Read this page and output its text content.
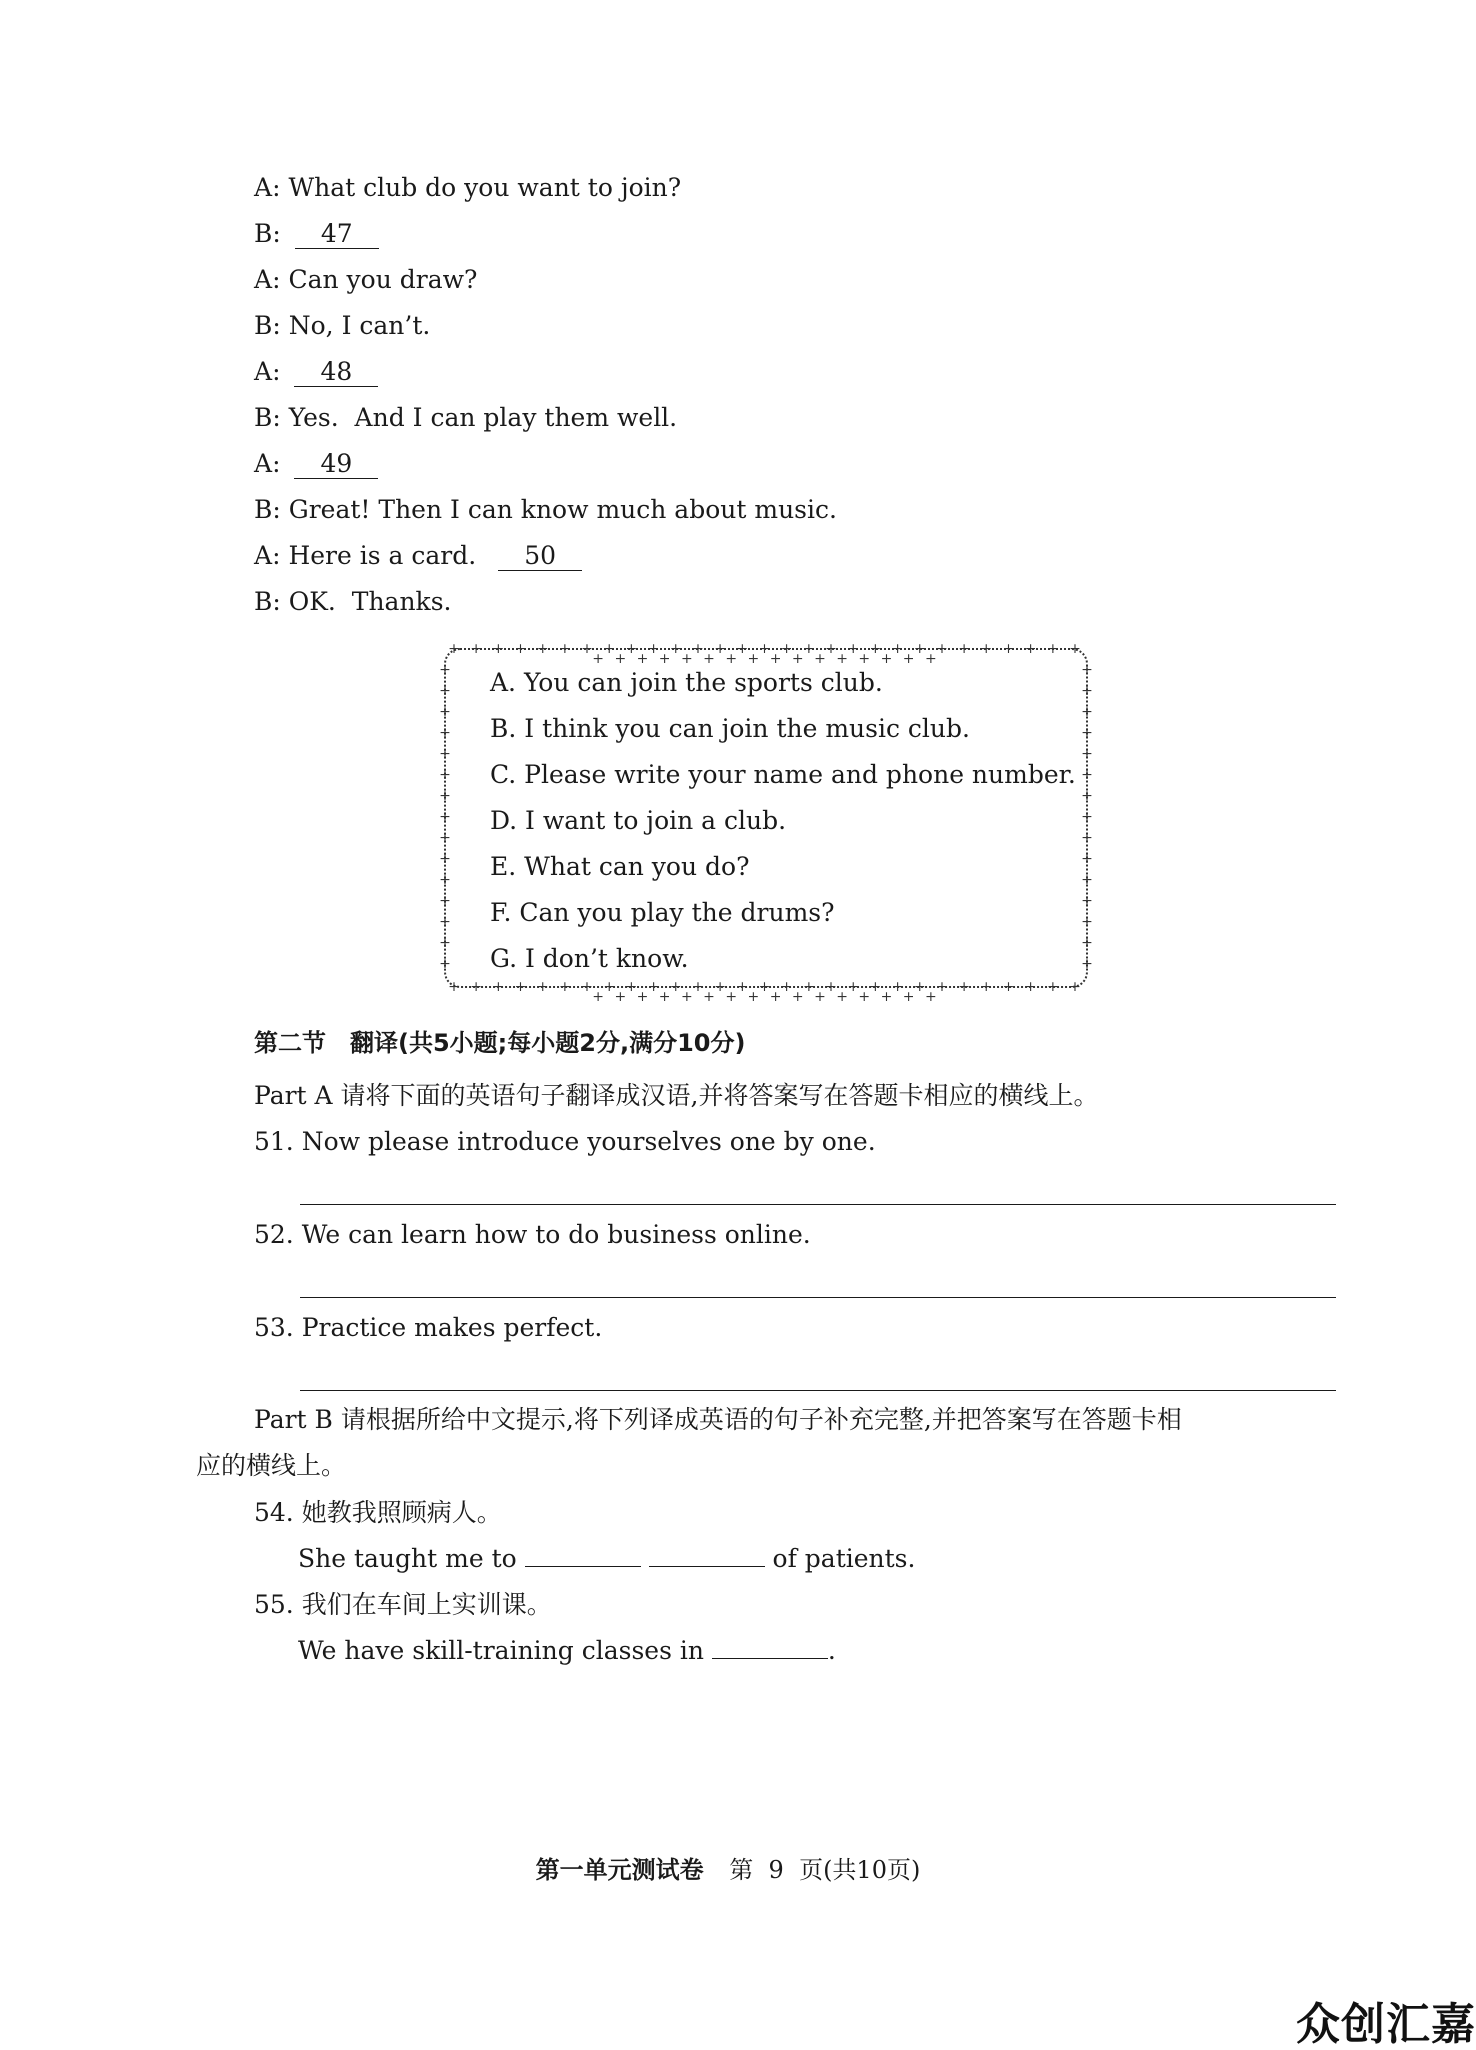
A: What club do you want to join?
B: 47
A: Can you draw?
B: No, I can’t.
A: 48
B: Yes.  And I can play them well.
A: 49
B: Great! Then I can know much about music.
A: Here is a card. 50
B: OK.  Thanks.
+ + + + + + + + + + + + + + + + + + + + + + + + + + + + + + + + + + + + + + + + + + + + +
+ + + + + + + + + + + + + + + + + + + + + + + + + + + + + + + + + + + + + + + + + + + + +
+
+
+
+
+
+
+
+
+
+
+
+
+
+
+
+
+
+
+
+
+
+
+
+
+
+
+
+
+
+
A. You can join the sports club.
B. I think you can join the music club.
C. Please write your name and phone number.
D. I want to join a club.
E. What can you do?
F. Can you play the drums?
G. I don’t know.
第二节　翻译(共5小题;每小题2分,满分10分)
Part A 请将下面的英语句子翻译成汉语,并将答案写在答题卡相应的横线上。
51. Now please introduce yourselves one by one.
52. We can learn how to do business online.
53. Practice makes perfect.
Part B 请根据所给中文提示,将下列译成英语的句子补充完整,并把答案写在答题卡相
应的横线上。
54. 她教我照顾病人。
She taught me to	of patients.
55. 我们在车间上实训课。
We have skill-training classes in	.
第一单元测试卷 第  9  页(共10页)
众创汇嘉
